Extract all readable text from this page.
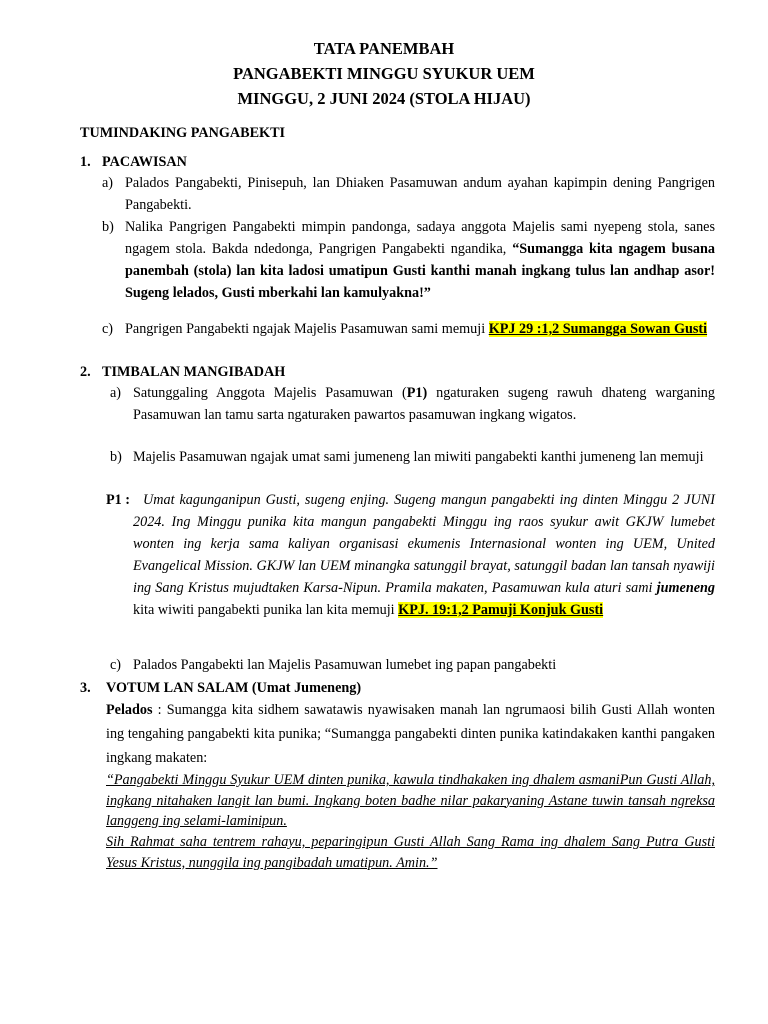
TATA PANEMBAH
PANGABEKTI MINGGU SYUKUR UEM
MINGGU, 2 JUNI 2024 (STOLA HIJAU)
TUMINDAKING PANGABEKTI
1. PACAWISAN
a) Palados Pangabekti, Pinisepuh, lan Dhiaken Pasamuwan andum ayahan kapimpin dening Pangrigen Pangabekti.
b) Nalika Pangrigen Pangabekti mimpin pandonga, sadaya anggota Majelis sami nyepeng stola, sanes ngagem stola. Bakda ndedonga, Pangrigen Pangabekti ngandika, “Sumangga kita ngagem busana panembah (stola) lan kita ladosi umatipun Gusti kanthi manah ingkang tulus lan andhap asor! Sugeng lelados, Gusti mberkahi lan kamulyakna!”
c) Pangrigen Pangabekti ngajak Majelis Pasamuwan sami memuji KPJ 29 :1,2 Sumangga Sowan Gusti
2. TIMBALAN MANGIBADAH
a) Satunggaling Anggota Majelis Pasamuwan (P1) ngaturaken sugeng rawuh dhateng warganing Pasamuwan lan tamu sarta ngaturaken pawartos pasamuwan ingkang wigatos.
b) Majelis Pasamuwan ngajak umat sami jumeneng lan miwiti pangabekti kanthi jumeneng lan memuji
P1 : Umat kagunganipun Gusti, sugeng enjing. Sugeng mangun pangabekti ing dinten Minggu 2 JUNI 2024. Ing Minggu punika kita mangun pangabekti Minggu ing raos syukur awit GKJW lumebet wonten ing kerja sama kaliyan organisasi ekumenis Internasional wonten ing UEM, United Evangelical Mission. GKJW lan UEM minangka satunggil brayat, satunggil badan lan tansah nyawiji ing Sang Kristus mujudtaken Karsa-Nipun. Pramila makaten, Pasamuwan kula aturi sami jumeneng kita wiwiti pangabekti punika lan kita memuji KPJ. 19:1,2 Pamuji Konjuk Gusti
c) Palados Pangabekti lan Majelis Pasamuwan lumebet ing papan pangabekti
3. VOTUM LAN SALAM (Umat Jumeneng)
Pelados : Sumangga kita sidhem sawatawis nyawisaken manah lan ngrumaosi bilih Gusti Allah wonten ing tengahing pangabekti kita punika; “Sumangga pangabekti dinten punika katindakaken kanthi pangaken ingkang makaten:
“Pangabekti Minggu Syukur UEM dinten punika, kawula tindhakaken ing dhalem asmaniPun Gusti Allah, ingkang nitahaken langit lan bumi. Ingkang boten badhe nilar pakaryaning Astane tuwin tansah ngreksa langgeng ing selami-laminipun.
Sih Rahmat saha tentrem rahayu, peparingipun Gusti Allah Sang Rama ing dhalem Sang Putra Gusti Yesus Kristus, nunggila ing pangibadah umatipun. Amin.”
